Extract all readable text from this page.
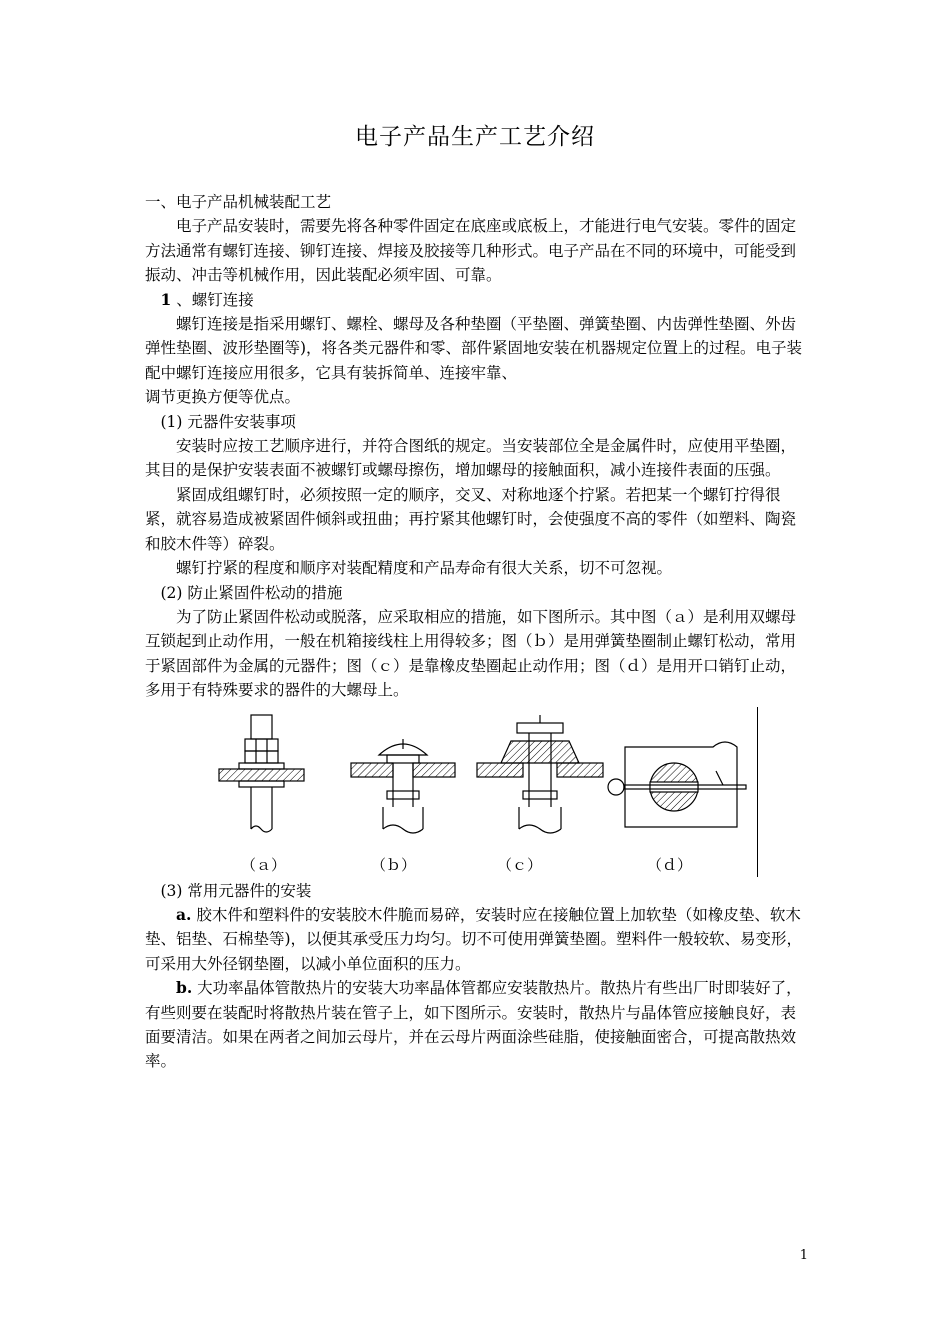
电子产品生产工艺介绍

一、电子产品机械装配工艺

电子产品安装时，需要先将各种零件固定在底座或底板上，才能进行电气安装。零件的固定方法通常有螺钉连接、铆钉连接、焊接及胶接等几种形式。电子产品在不同的环境中，可能受到振动、冲击等机械作用，因此装配必须牢固、可靠。

1 、螺钉连接

螺钉连接是指采用螺钉、螺栓、螺母及各种垫圈（平垫圈、弹簧垫圈、内齿弹性垫圈、外齿弹性垫圈、波形垫圈等)，将各类元器件和零、部件紧固地安装在机器规定位置上的过程。电子装配中螺钉连接应用很多，它具有装拆简单、连接牢靠、

调节更换方便等优点。

(1) 元器件安装事项

安装时应按工艺顺序进行，并符合图纸的规定。当安装部位全是金属件时，应使用平垫圈，其目的是保护安装表面不被螺钉或螺母擦伤，增加螺母的接触面积，减小连接件表面的压强。

紧固成组螺钉时，必须按照一定的顺序，交叉、对称地逐个拧紧。若把某一个螺钉拧得很紧，就容易造成被紧固件倾斜或扭曲；再拧紧其他螺钉时，会使强度不高的零件（如塑料、陶瓷和胶木件等）碎裂。

螺钉拧紧的程度和顺序对装配精度和产品寿命有很大关系，切不可忽视。

(2) 防止紧固件松动的措施

为了防止紧固件松动或脱落，应采取相应的措施，如下图所示。其中图（ａ）是利用双螺母互锁起到止动作用，一般在机箱接线柱上用得较多；图（ｂ）是用弹簧垫圈制止螺钉松动，常用于紧固部件为金属的元器件；图（ｃ）是靠橡皮垫圈起止动作用；图（ｄ）是用开口销钉止动，多用于有特殊要求的器件的大螺母上。

（ａ）	（ｂ）	（ｃ）	（ｄ）

(3) 常用元器件的安装

a. 胶木件和塑料件的安装胶木件脆而易碎，安装时应在接触位置上加软垫（如橡皮垫、软木垫、铝垫、石棉垫等)，以便其承受压力均匀。切不可使用弹簧垫圈。塑料件一般较软、易变形，可采用大外径钢垫圈，以减小单位面积的压力。

b. 大功率晶体管散热片的安装大功率晶体管都应安装散热片。散热片有些出厂时即装好了，有些则要在装配时将散热片装在管子上，如下图所示。安装时，散热片与晶体管应接触良好，表面要清洁。如果在两者之间加云母片，并在云母片两面涂些硅脂，使接触面密合，可提高散热效率。

1
